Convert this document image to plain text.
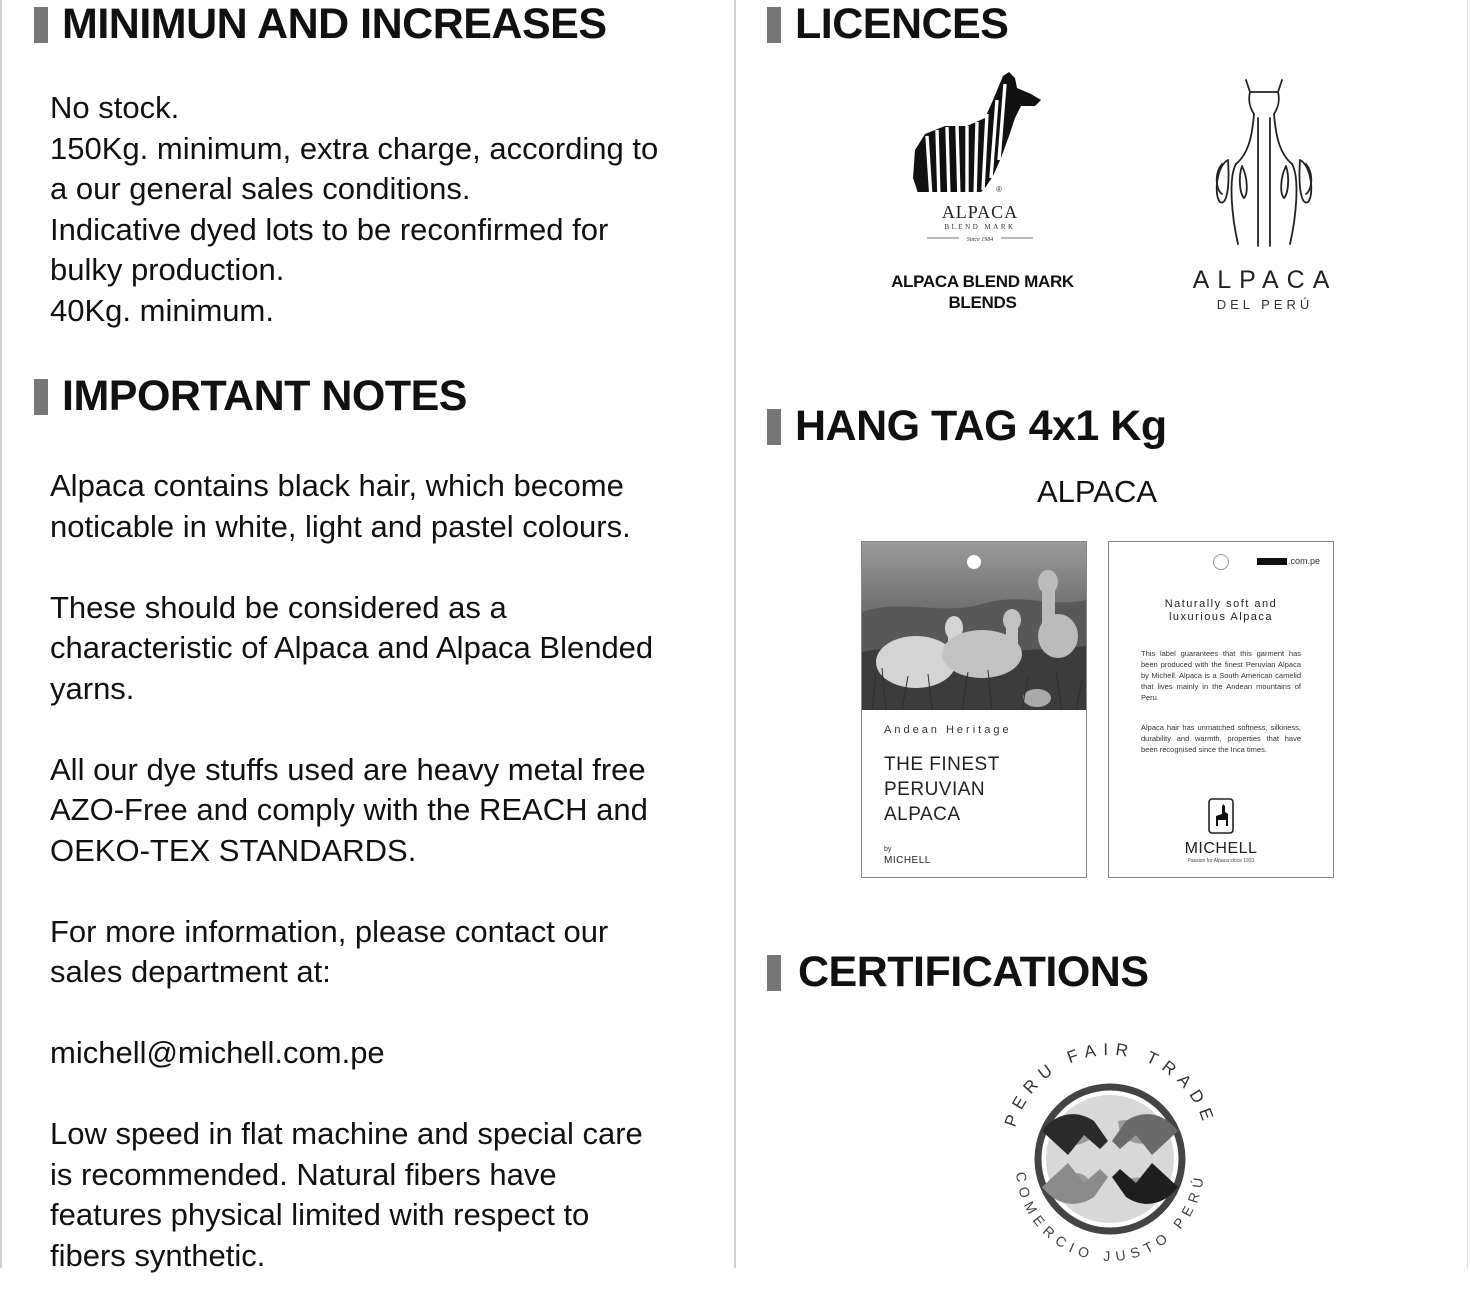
MINIMUN AND INCREASES

No stock.

150Kg. minimum, extra charge, according to

a our general sales conditions.

Indicative dyed lots to be reconfirmed for

bulky production.

40Kg. minimum.

IMPORTANT NOTES

Alpaca contains black hair, which become

noticable in white, light and pastel colours.

These should be considered as a

characteristic of Alpaca and Alpaca Blended

yarns.

All our dye stuffs used are heavy metal free

AZO-Free and comply with the REACH and

OEKO-TEX STANDARDS.

For more information, please contact our

sales department at:

michell@michell.com.pe

Low speed in flat machine and special care

is recommended. Natural fibers have

features physical limited with respect to

fibers synthetic.

LICENCES
®
ALPACA
BLEND MARK
Since 1984
ALPACA BLEND MARK
BLENDS
ALPACA
DEL PERÚ
HANG TAG 4x1 Kg
ALPACA
Andean Heritage
THE FINEST
PERUVIAN
ALPACA
by
MICHELL
.com.pe
Naturally soft and
luxurious Alpaca
This label guarantees that this garment has been produced with the finest Peruvian Alpaca by Michell. Alpaca is a South American camelid that lives mainly in the Andean mountains of Peru.
Alpaca hair has unmatched softness, silkiness, durability and warmth, properties that have been recognised since the Inca times.
MICHELL
Passion for Alpaca since 1931
CERTIFICATIONS
PERU FAIR TRADE
COMERCIO JUSTO PERÚ
